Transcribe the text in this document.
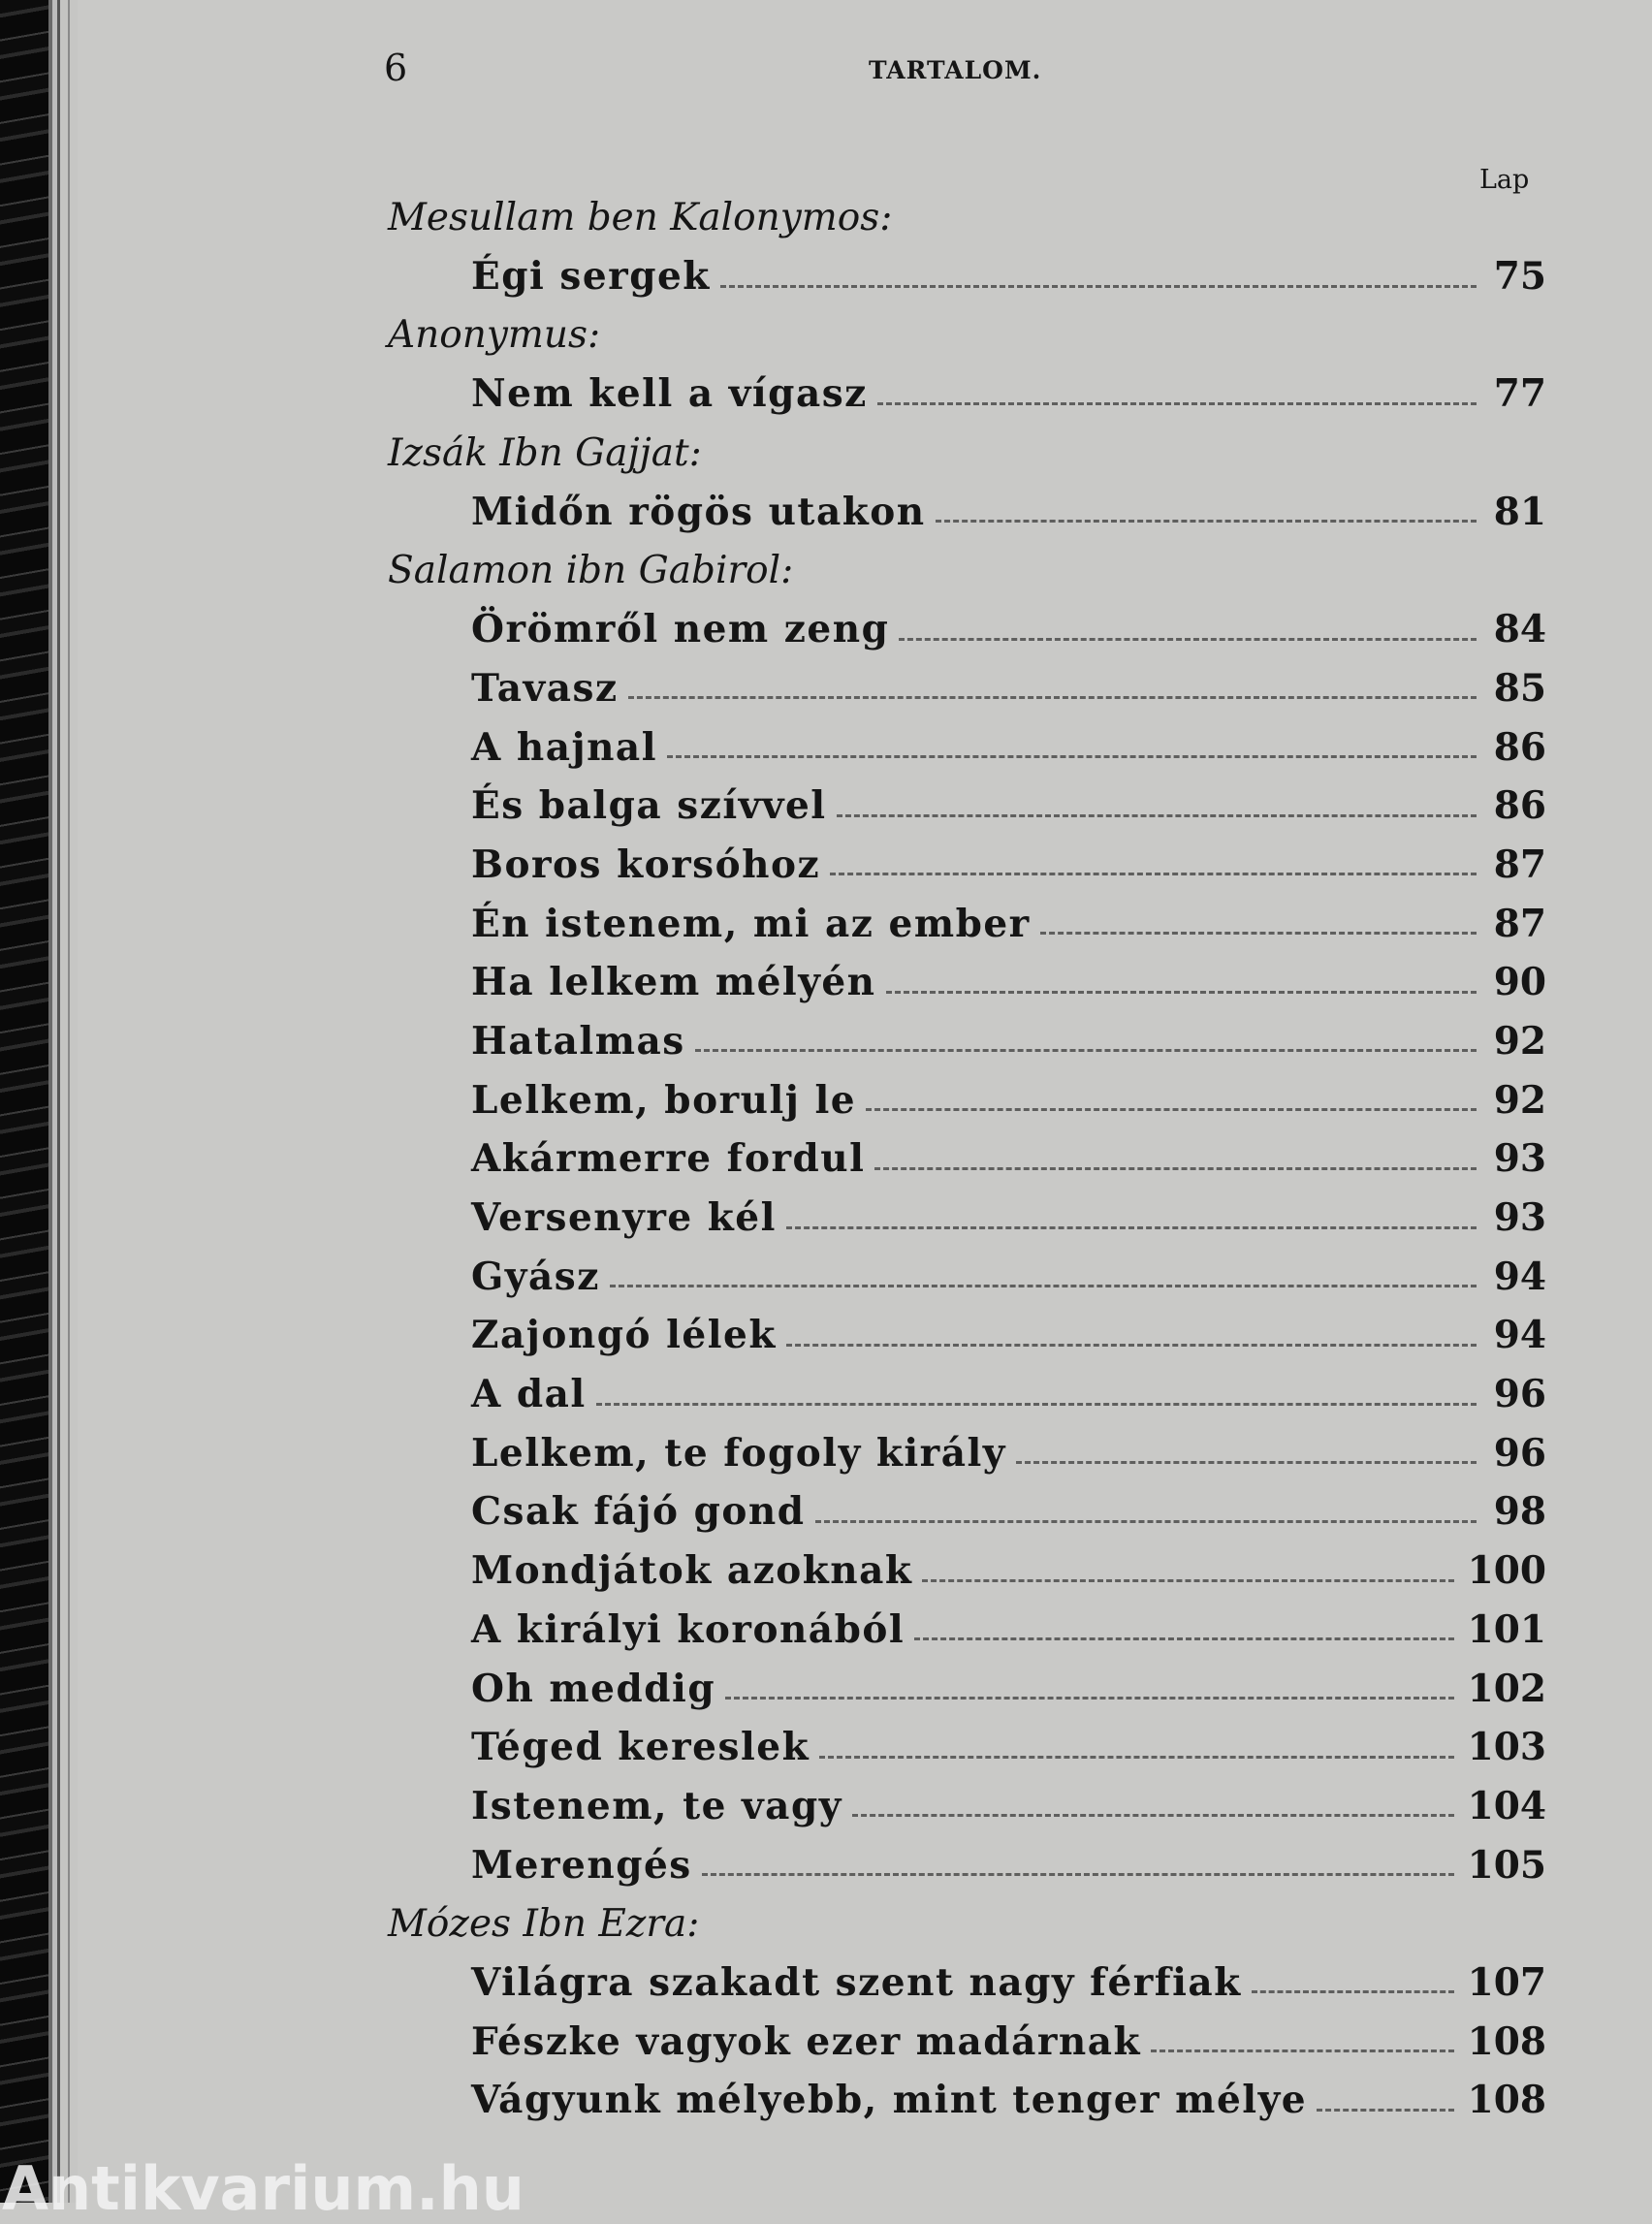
6	TARTALOM.
Lap
Mesullam ben Kalonymos:
Égi sergek	75
Anonymus:
Nem kell a vígasz	77
Izsák Ibn Gajjat:
Midőn rögös utakon	81
Salamon ibn Gabirol:
Örömről nem zeng	84
Tavasz	85
A hajnal	86
És balga szívvel	86
Boros korsóhoz	87
Én istenem, mi az ember	87
Ha lelkem mélyén	90
Hatalmas	92
Lelkem, borulj le	92
Akármerre fordul	93
Versenyre kél	93
Gyász	94
Zajongó lélek	94
A dal	96
Lelkem, te fogoly király	96
Csak fájó gond	98
Mondjátok azoknak	100
A királyi koronából	101
Oh meddig	102
Téged kereslek	103
Istenem, te vagy	104
Merengés	105
Mózes Ibn Ezra:
Világra szakadt szent nagy férfiak	107
Fészke vagyok ezer madárnak	108
Vágyunk mélyebb, mint tenger mélye	108
Antikvarium.hu
